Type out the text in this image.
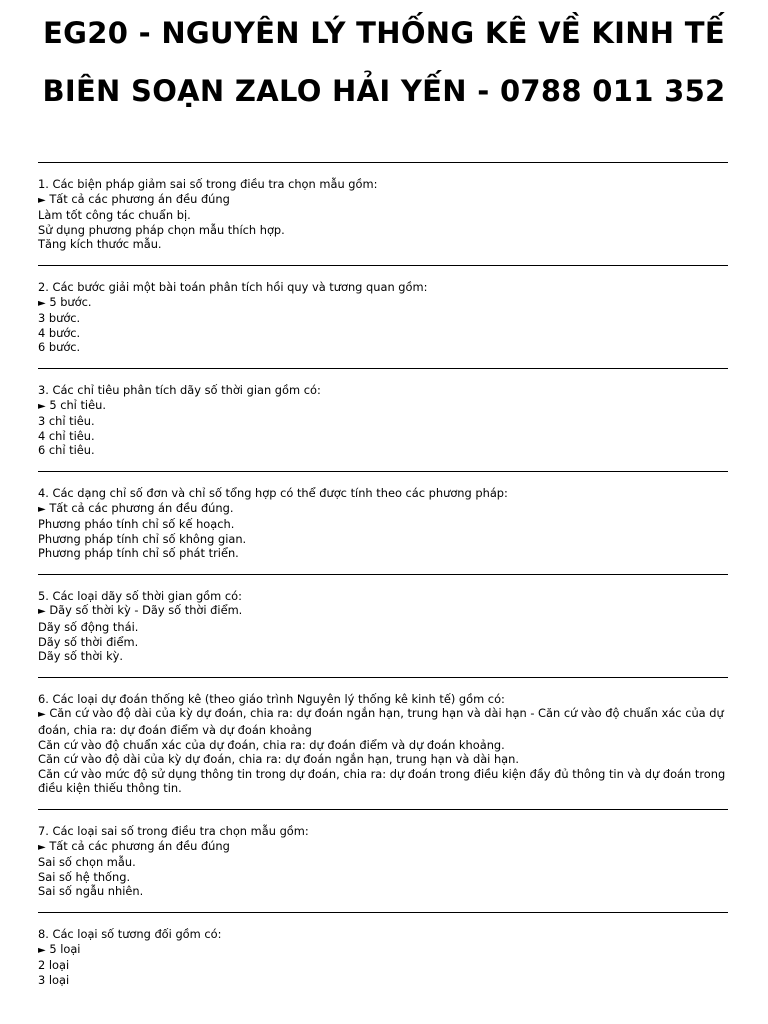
EG20 - NGUYÊN LÝ THỐNG KÊ VỀ KINH TẾ
BIÊN SOẠN ZALO HẢI YẾN - 0788 011 352
1. Các biện pháp giảm sai số trong điều tra chọn mẫu gồm:
► Tất cả các phương án đều đúng
Làm tốt công tác chuẩn bị.
Sử dụng phương pháp chọn mẫu thích hợp.
Tăng kích thước mẫu.
2. Các bước giải một bài toán phân tích hồi quy và tương quan gồm:
► 5 bước.
3 bước.
4 bước.
6 bước.
3. Các chỉ tiêu phân tích dãy số thời gian gồm có:
► 5 chỉ tiêu.
3 chỉ tiêu.
4 chỉ tiêu.
6 chỉ tiêu.
4. Các dạng chỉ số đơn và chỉ số tổng hợp có thể được tính theo các phương pháp:
► Tất cả các phương án đều đúng.
Phương pháo tính chỉ số kế hoạch.
Phương pháp tính chỉ số không gian.
Phương pháp tính chỉ số phát triển.
5. Các loại dãy số thời gian gồm có:
► Dãy số thời kỳ - Dãy số thời điểm.
Dãy số động thái.
Dãy số thời điểm.
Dãy số thời kỳ.
6. Các loại dự đoán thống kê (theo giáo trình Nguyên lý thống kê kinh tế) gồm có:
► Căn cứ vào độ dài của kỳ dự đoán, chia ra: dự đoán ngắn hạn, trung hạn và dài hạn - Căn cứ vào độ chuẩn xác của dự đoán, chia ra: dự đoán điểm và dự đoán khoảng
Căn cứ vào độ chuẩn xác của dự đoán, chia ra: dự đoán điểm và dự đoán khoảng.
Căn cứ vào độ dài của kỳ dự đoán, chia ra: dự đoán ngắn hạn, trung hạn và dài hạn.
Căn cứ vào mức độ sử dụng thông tin trong dự đoán, chia ra: dự đoán trong điều kiện đầy đủ thông tin và dự đoán trong điều kiện thiếu thông tin.
7. Các loại sai số trong điều tra chọn mẫu gồm:
► Tất cả các phương án đều đúng
Sai số chọn mẫu.
Sai số hệ thống.
Sai số ngẫu nhiên.
8. Các loại số tương đối gồm có:
► 5 loại
2 loại
3 loại
